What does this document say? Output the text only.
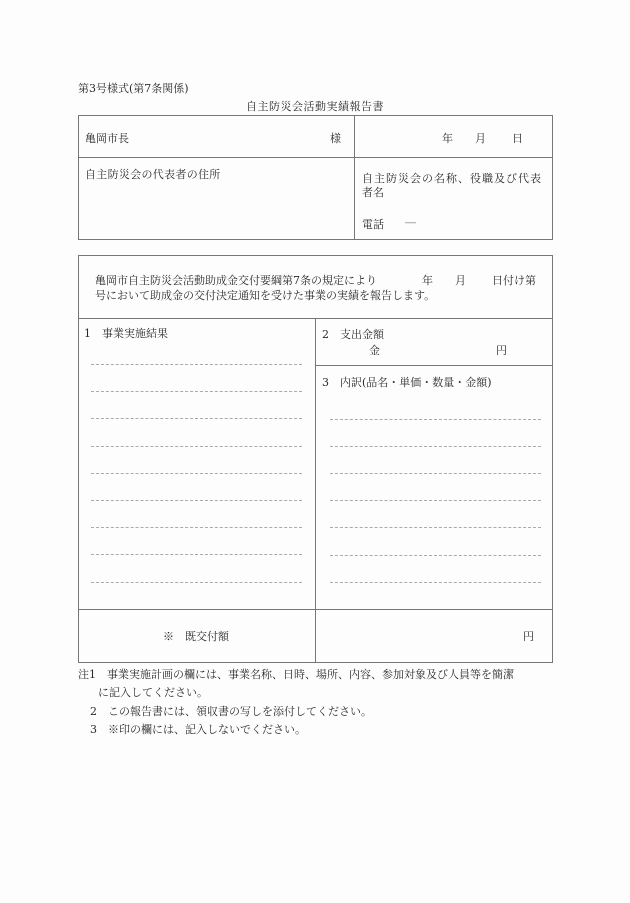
第3号様式(第7条関係)
自主防災会活動実績報告書
亀岡市長	様	年 月 日
自主防災会の代表者の住所	自主防災会の名称、役職及び代表
者名
電話 ―
亀岡市自主防災会活動助成金交付要綱第7条の規定により	年 月 日付け第
号において助成金の交付決定通知を受けた事業の実績を報告します。
1　事業実施結果	2　支出金額
金	円
3　内訳(品名・単価・数量・金額)
※　既交付額	円
注1　事業実施計画の欄には、事業名称、日時、場所、内容、参加対象及び人員等を簡潔
に記入してください。
2　この報告書には、領収書の写しを添付してください。
3　※印の欄には、記入しないでください。
